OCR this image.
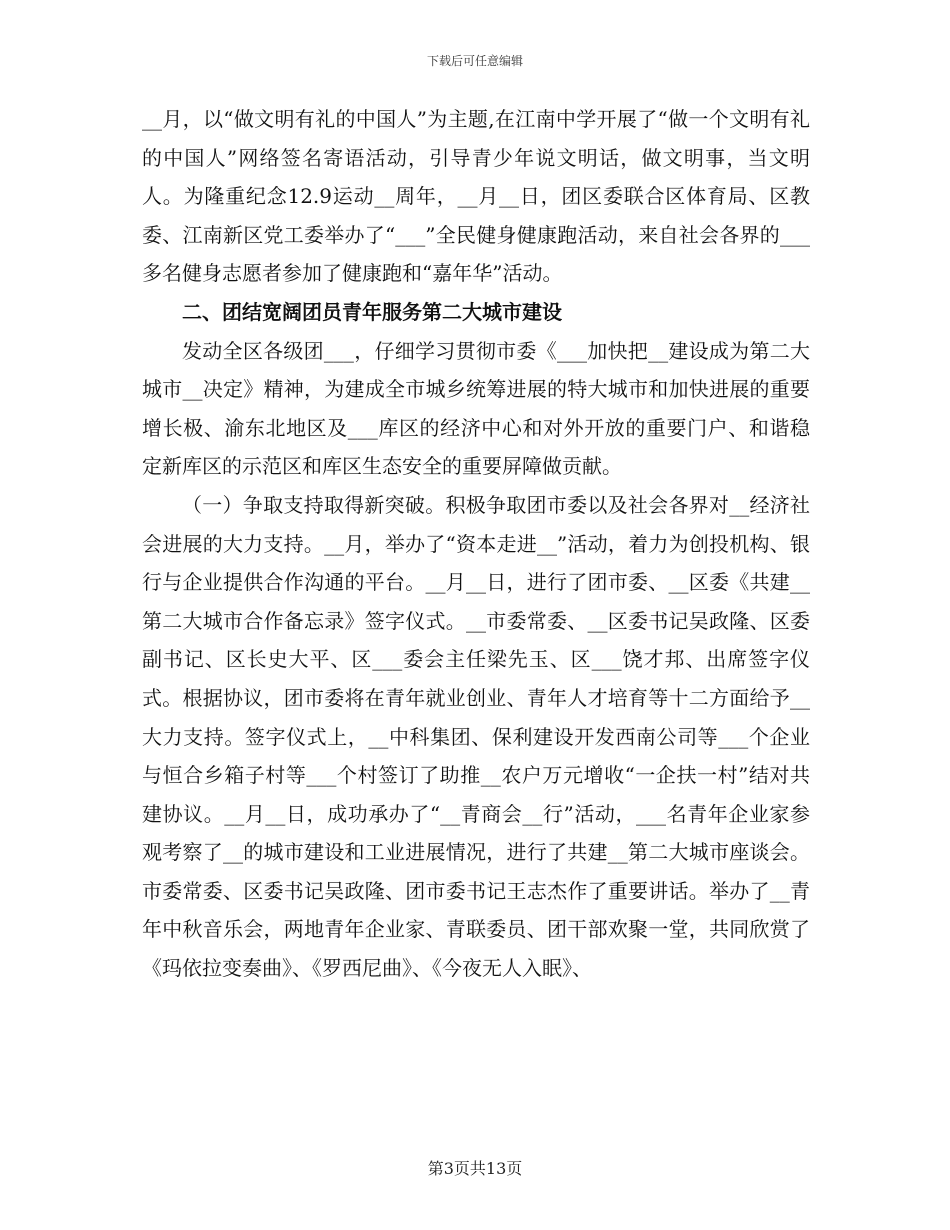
下载后可任意编辑

__月，以“做文明有礼的中国人”为主题,在江南中学开展了“做一个文明有礼的中国人”网络签名寄语活动，引导青少年说文明话，做文明事，当文明人。为隆重纪念12.9运动__周年，__月__日，团区委联合区体育局、区教委、江南新区党工委举办了“___”全民健身健康跑活动，来自社会各界的___多名健身志愿者参加了健康跑和“嘉年华”活动。

二、团结宽阔团员青年服务第二大城市建设

发动全区各级团___，仔细学习贯彻市委《___加快把__建设成为第二大城市__决定》精神，为建成全市城乡统筹进展的特大城市和加快进展的重要增长极、渝东北地区及___库区的经济中心和对外开放的重要门户、和谐稳定新库区的示范区和库区生态安全的重要屏障做贡献。

（一）争取支持取得新突破。积极争取团市委以及社会各界对__经济社会进展的大力支持。__月，举办了“资本走进__”活动，着力为创投机构、银行与企业提供合作沟通的平台。__月__日，进行了团市委、__区委《共建__第二大城市合作备忘录》签字仪式。__市委常委、__区委书记吴政隆、区委副书记、区长史大平、区___委会主任梁先玉、区___饶才邦、出席签字仪式。根据协议，团市委将在青年就业创业、青年人才培育等十二方面给予__大力支持。签字仪式上，__中科集团、保利建设开发西南公司等___个企业与恒合乡箱子村等___个村签订了助推__农户万元增收“一企扶一村”结对共建协议。__月__日，成功承办了“__青商会__行”活动，___名青年企业家参观考察了__的城市建设和工业进展情况，进行了共建__第二大城市座谈会。市委常委、区委书记吴政隆、团市委书记王志杰作了重要讲话。举办了__青年中秋音乐会，两地青年企业家、青联委员、团干部欢聚一堂，共同欣赏了《玛依拉变奏曲》、《罗西尼曲》、《今夜无人入眠》、

第3页共13页
